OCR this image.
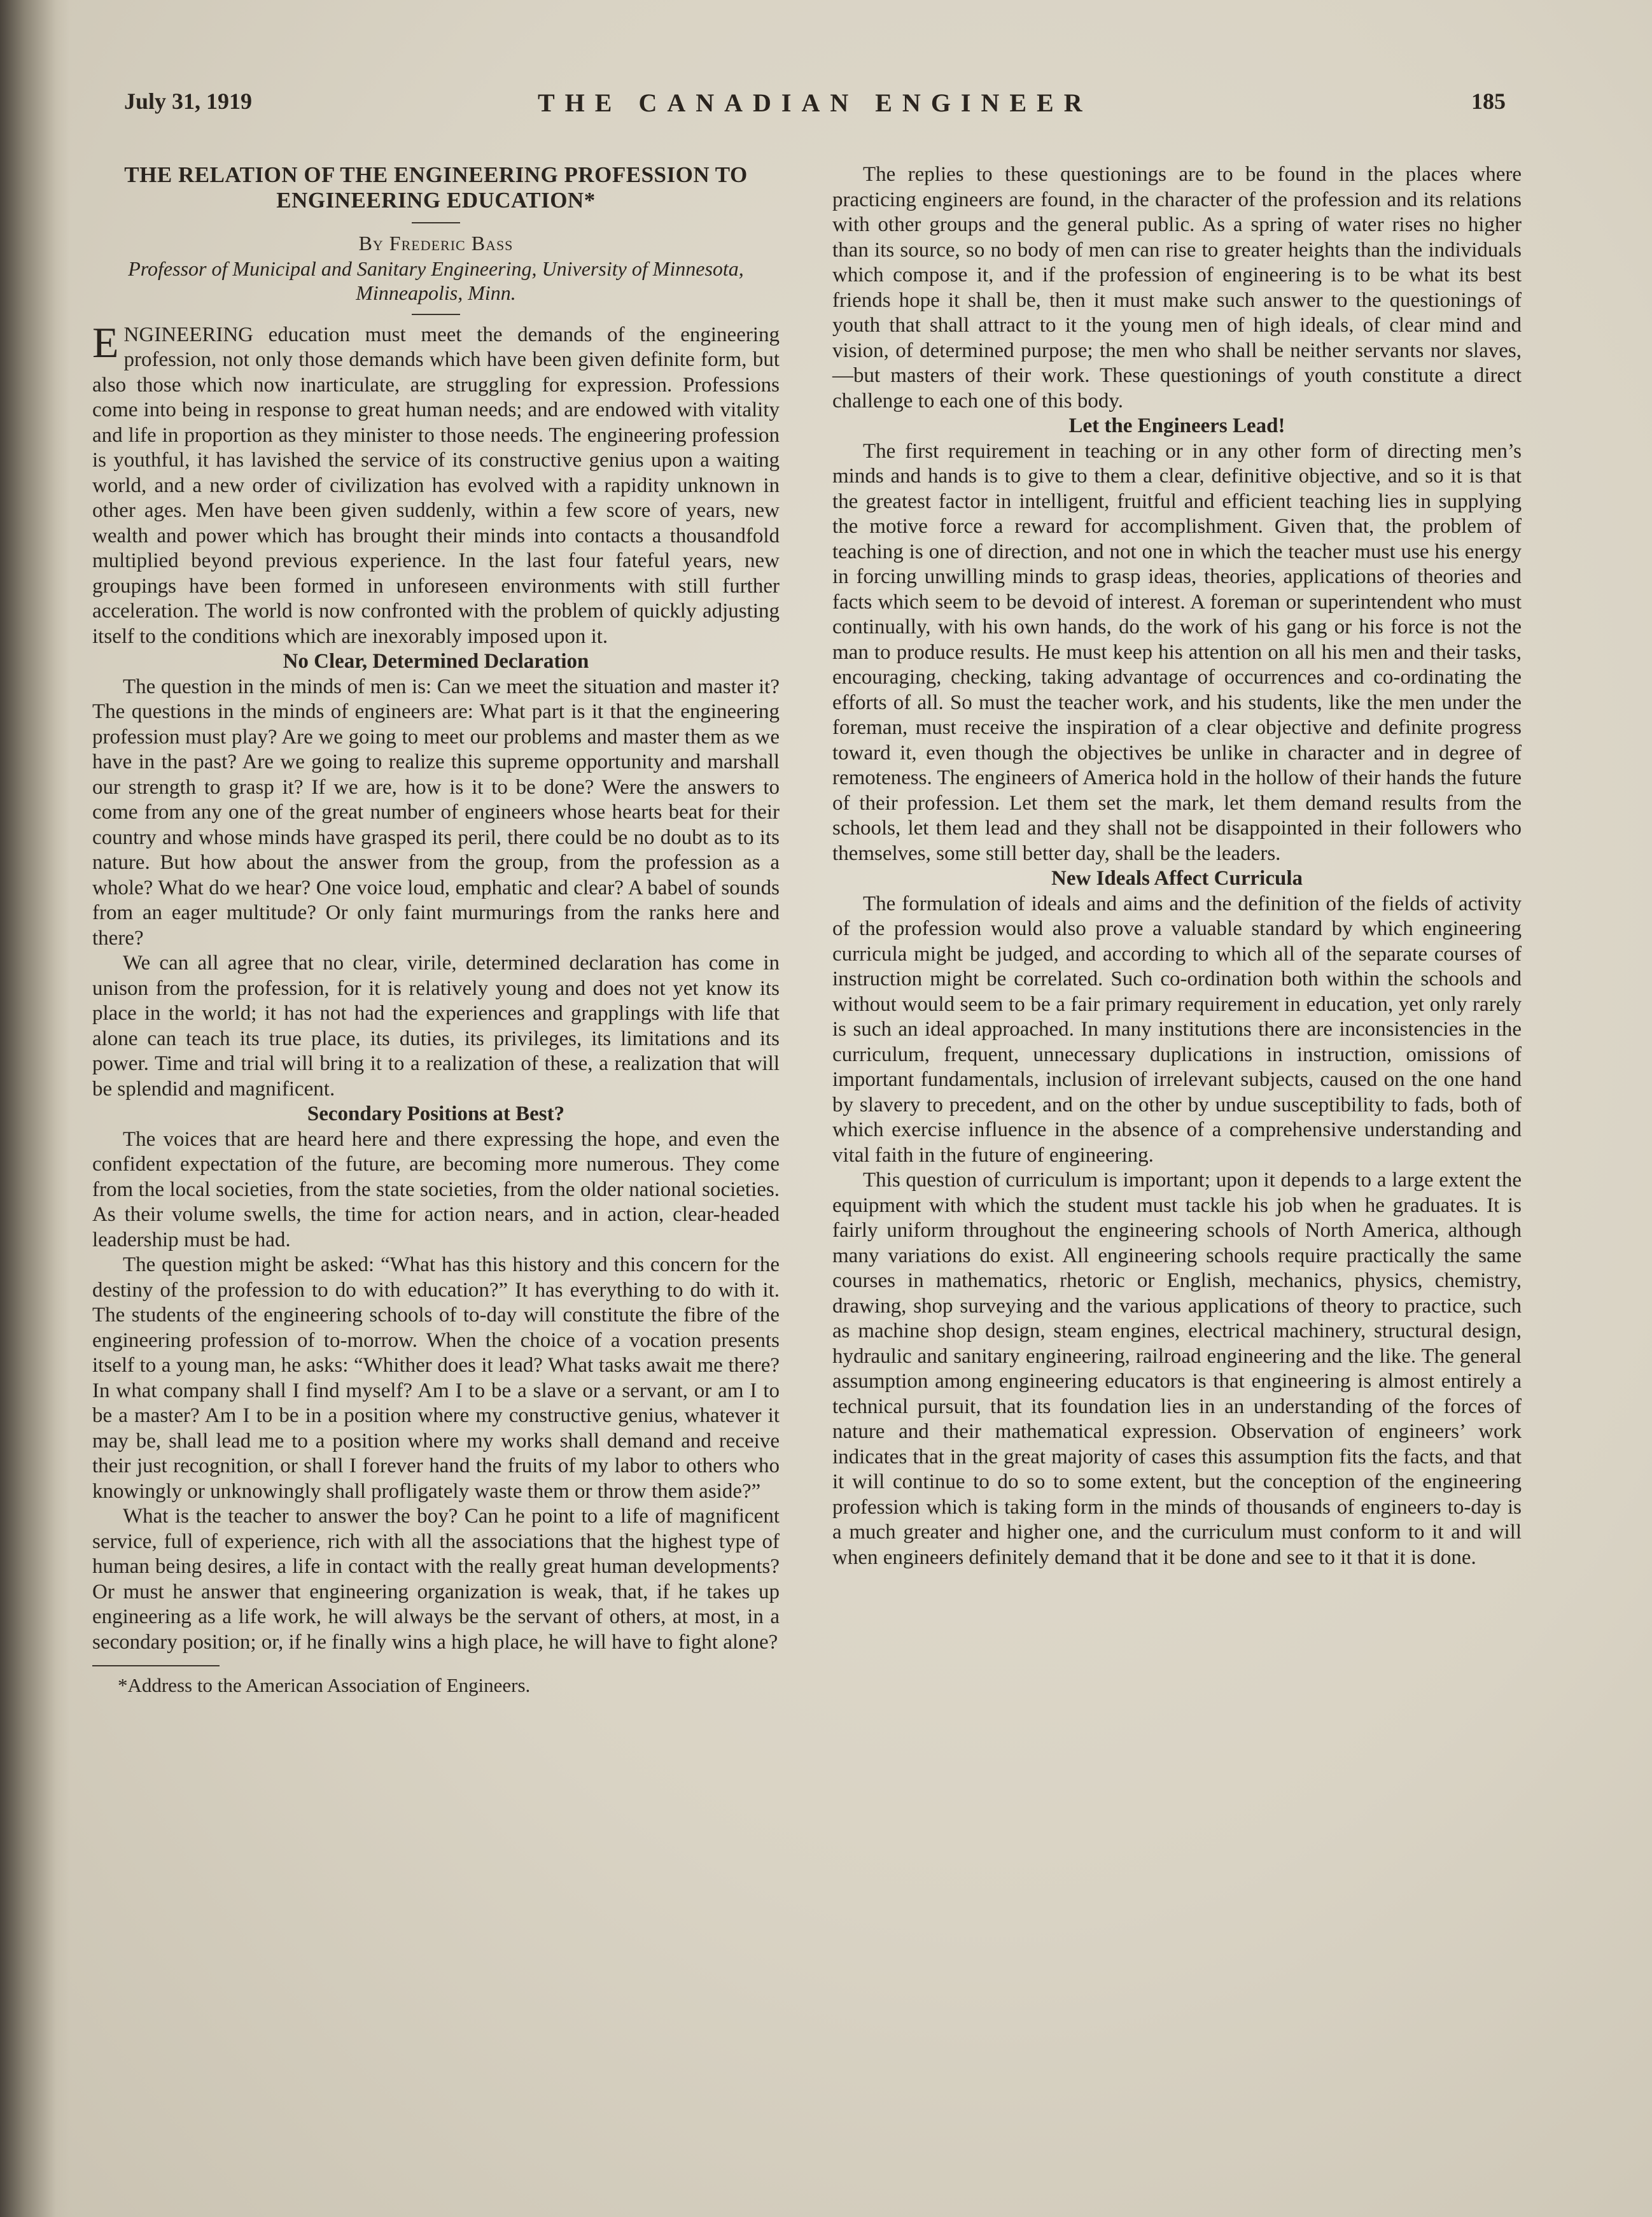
July 31, 1919	THE CANADIAN ENGINEER	185
THE RELATION OF THE ENGINEERING PROFESSION TO ENGINEERING EDUCATION*

By Frederic Bass

Professor of Municipal and Sanitary Engineering, University of Minnesota, Minneapolis, Minn.

ENGINEERING education must meet the demands of the engineering profession, not only those demands which have been given definite form, but also those which now inarticulate, are struggling for expression. Professions come into being in response to great human needs; and are endowed with vitality and life in proportion as they minister to those needs. The engineering profession is youthful, it has lavished the service of its constructive genius upon a waiting world, and a new order of civilization has evolved with a rapidity unknown in other ages. Men have been given suddenly, within a few score of years, new wealth and power which has brought their minds into contacts a thousandfold multiplied beyond previous experience. In the last four fateful years, new groupings have been formed in unforeseen environments with still further acceleration. The world is now confronted with the problem of quickly adjusting itself to the conditions which are inexorably imposed upon it.

No Clear, Determined Declaration

The question in the minds of men is: Can we meet the situation and master it? The questions in the minds of engineers are: What part is it that the engineering profession must play? Are we going to meet our problems and master them as we have in the past? Are we going to realize this supreme opportunity and marshall our strength to grasp it? If we are, how is it to be done? Were the answers to come from any one of the great number of engineers whose hearts beat for their country and whose minds have grasped its peril, there could be no doubt as to its nature. But how about the answer from the group, from the profession as a whole? What do we hear? One voice loud, emphatic and clear? A babel of sounds from an eager multitude? Or only faint murmurings from the ranks here and there?

We can all agree that no clear, virile, determined declaration has come in unison from the profession, for it is relatively young and does not yet know its place in the world; it has not had the experiences and grapplings with life that alone can teach its true place, its duties, its privileges, its limitations and its power. Time and trial will bring it to a realization of these, a realization that will be splendid and magnificent.

Secondary Positions at Best?

The voices that are heard here and there expressing the hope, and even the confident expectation of the future, are becoming more numerous. They come from the local societies, from the state societies, from the older national societies. As their volume swells, the time for action nears, and in action, clear-headed leadership must be had.

The question might be asked: “What has this history and this concern for the destiny of the profession to do with education?” It has everything to do with it. The students of the engineering schools of to-day will constitute the fibre of the engineering profession of to-morrow. When the choice of a vocation presents itself to a young man, he asks: “Whither does it lead? What tasks await me there? In what company shall I find myself? Am I to be a slave or a servant, or am I to be a master? Am I to be in a position where my constructive genius, whatever it may be, shall lead me to a position where my works shall demand and receive their just recognition, or shall I forever hand the fruits of my labor to others who knowingly or unknowingly shall profligately waste them or throw them aside?”

What is the teacher to answer the boy? Can he point to a life of magnificent service, full of experience, rich with all the associations that the highest type of human being desires, a life in contact with the really great human developments? Or must he answer that engineering organization is weak, that, if he takes up engineering as a life work, he will always be the servant of others, at most, in a secondary position; or, if he finally wins a high place, he will have to fight alone?

*Address to the American Association of Engineers.

The replies to these questionings are to be found in the places where practicing engineers are found, in the character of the profession and its relations with other groups and the general public. As a spring of water rises no higher than its source, so no body of men can rise to greater heights than the individuals which compose it, and if the profession of engineering is to be what its best friends hope it shall be, then it must make such answer to the questionings of youth that shall attract to it the young men of high ideals, of clear mind and vision, of determined purpose; the men who shall be neither servants nor slaves,—but masters of their work. These questionings of youth constitute a direct challenge to each one of this body.

Let the Engineers Lead!

The first requirement in teaching or in any other form of directing men’s minds and hands is to give to them a clear, definitive objective, and so it is that the greatest factor in intelligent, fruitful and efficient teaching lies in supplying the motive force a reward for accomplishment. Given that, the problem of teaching is one of direction, and not one in which the teacher must use his energy in forcing unwilling minds to grasp ideas, theories, applications of theories and facts which seem to be devoid of interest. A foreman or superintendent who must continually, with his own hands, do the work of his gang or his force is not the man to produce results. He must keep his attention on all his men and their tasks, encouraging, checking, taking advantage of occurrences and co-ordinating the efforts of all. So must the teacher work, and his students, like the men under the foreman, must receive the inspiration of a clear objective and definite progress toward it, even though the objectives be unlike in character and in degree of remoteness. The engineers of America hold in the hollow of their hands the future of their profession. Let them set the mark, let them demand results from the schools, let them lead and they shall not be disappointed in their followers who themselves, some still better day, shall be the leaders.

New Ideals Affect Curricula

The formulation of ideals and aims and the definition of the fields of activity of the profession would also prove a valuable standard by which engineering curricula might be judged, and according to which all of the separate courses of instruction might be correlated. Such co-ordination both within the schools and without would seem to be a fair primary requirement in education, yet only rarely is such an ideal approached. In many institutions there are inconsistencies in the curriculum, frequent, unnecessary duplications in instruction, omissions of important fundamentals, inclusion of irrelevant subjects, caused on the one hand by slavery to precedent, and on the other by undue susceptibility to fads, both of which exercise influence in the absence of a comprehensive understanding and vital faith in the future of engineering.

This question of curriculum is important; upon it depends to a large extent the equipment with which the student must tackle his job when he graduates. It is fairly uniform throughout the engineering schools of North America, although many variations do exist. All engineering schools require practically the same courses in mathematics, rhetoric or English, mechanics, physics, chemistry, drawing, shop surveying and the various applications of theory to practice, such as machine shop design, steam engines, electrical machinery, structural design, hydraulic and sanitary engineering, railroad engineering and the like. The general assumption among engineering educators is that engineering is almost entirely a technical pursuit, that its foundation lies in an understanding of the forces of nature and their mathematical expression. Observation of engineers’ work indicates that in the great majority of cases this assumption fits the facts, and that it will continue to do so to some extent, but the conception of the engineering profession which is taking form in the minds of thousands of engineers to-day is a much greater and higher one, and the curriculum must conform to it and will when engineers definitely demand that it be done and see to it that it is done.
